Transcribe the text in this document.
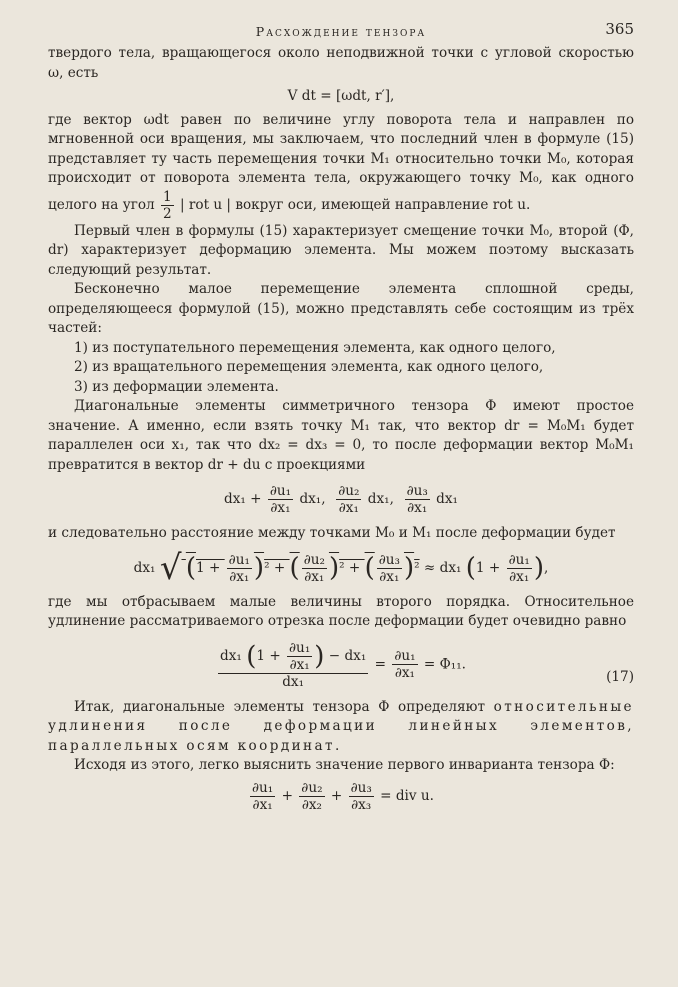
Расхождение тензора	365

твердого тела, вращающегося около неподвижной точки с угловой скоростью ω, есть

V dt = [ωdt, r′],

где вектор ωdt равен по величине углу поворота тела и направлен по мгновенной оси вращения, мы заключаем, что последний член в формуле (15) представляет ту часть перемещения точки M₁ относительно точки M₀, которая происходит от поворота элемента тела, окружающего точку M₀, как одного целого на угол $\frac{1}{2}$ | rot u | вокруг оси, имеющей направление rot u.

Первый член в формулы (15) характеризует смещение точки M₀, второй (Φ, dr) характеризует деформацию элемента. Мы можем поэтому высказать следующий результат.

Бесконечно малое перемещение элемента сплошной среды, определяющееся формулой (15), можно представлять себе состоящим из трёх частей:

1) из поступательного перемещения элемента, как одного целого,

2) из вращательного перемещения элемента, как одного целого,

3) из деформации элемента.

Диагональные элементы симметричного тензора Φ имеют простое значение. А именно, если взять точку M₁ так, что вектор dr = M₀M₁ будет параллелен оси x₁, так что dx₂ = dx₃ = 0, то после деформации вектор M₀M₁ превратится в вектор dr + du с проекциями

$dx_1 + \frac{\text{∂u₁}}{\text{∂x₁}} dx_1$, $\frac{\text{∂u₂}}{\text{∂x₁}} dx_1$, $\frac{\text{∂u₃}}{\text{∂x₁}} dx_1$

и следовательно расстояние между точками M₀ и M₁ после деформации будет

dx₁ √ $(1 + \frac{\text{∂u₁}}{\text{∂x₁}} )^2$ + ( $\frac{\text{∂u₂}}{\text{∂x₁}} )^2$ + ( $\frac{\text{∂u₃}}{\text{∂x₁}} )^2 \approx dx_1$ ($1 + \frac{\text{∂u₁}}{\text{∂x₁}}$ ),

где мы отбрасываем малые величины второго порядка. Относительное удлинение рассматриваемого отрезка после деформации будет очевидно равно

$\frac{dx_1 (1 + \frac{\text{∂u₁}}{\text{∂x₁}} ) - dx_1}{\text{dx₁}} = \frac{\text{∂u₁}}{\text{∂x₁}} = \Phi_{11}$.
(17)

Итак, диагональные элементы тензора Φ определяют относительные удлинения после деформации линейных элементов, параллельных осям координат.

Исходя из этого, легко выяснить значение первого инварианта тензора Φ:

$\frac{\text{∂u₁}}{\text{∂x₁}} + \frac{\text{∂u₂}}{\text{∂x₂}} + \frac{\text{∂u₃}}{\text{∂x₃}}$ = div u.
